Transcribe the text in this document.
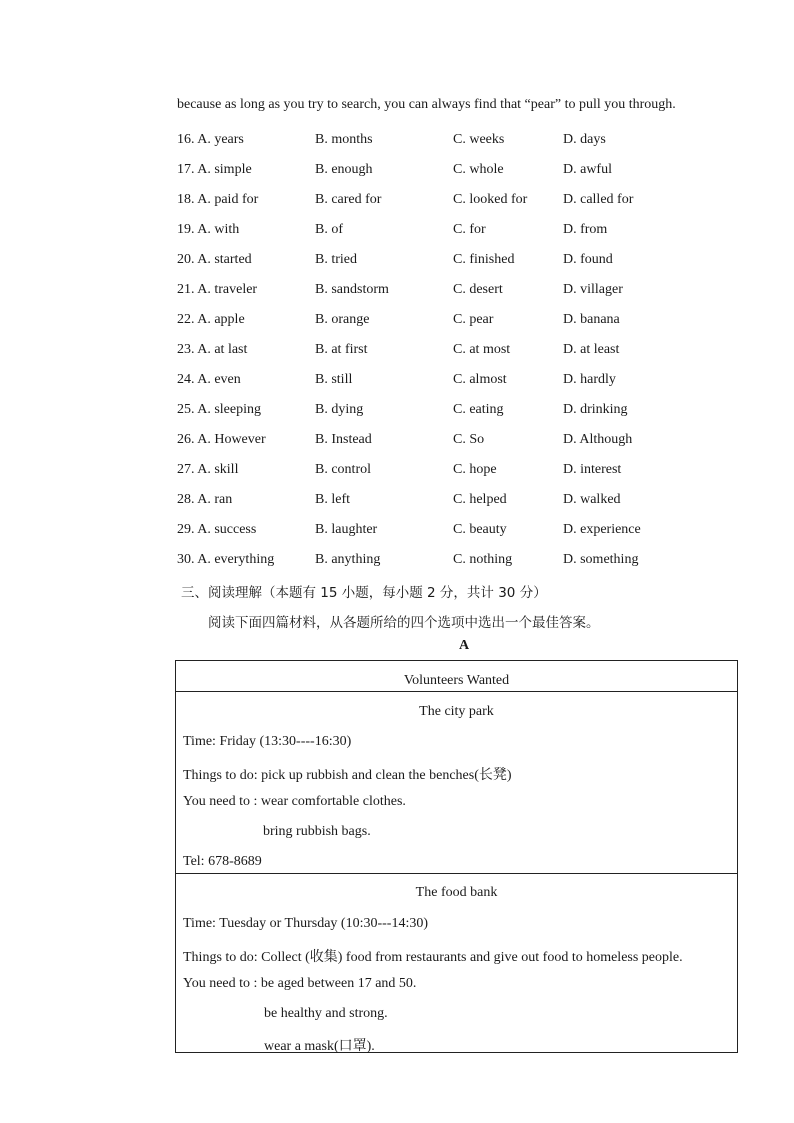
because as long as you try to search, you can always find that “pear” to pull you through.
16. A. years	B. months	C. weeks	D. days
17. A. simple	B. enough	C. whole	D. awful
18. A. paid for	B. cared for	C. looked for	D. called for
19. A. with	B. of	C. for	D. from
20. A. started	B. tried	C. finished	D. found
21. A. traveler	B. sandstorm	C. desert	D. villager
22. A. apple	B. orange	C. pear	D. banana
23. A. at last	B. at first	C. at most	D. at least
24. A. even	B. still	C. almost	D. hardly
25. A. sleeping	B. dying	C. eating	D. drinking
26. A. However	B. Instead	C. So	D. Although
27. A. skill	B. control	C. hope	D. interest
28. A. ran	B. left	C. helped	D. walked
29. A. success	B. laughter	C. beauty	D. experience
30. A. everything	B. anything	C. nothing	D. something
三、阅读理解（本题有 15 小题，每小题 2 分，共计 30 分）
阅读下面四篇材料，从各题所给的四个选项中选出一个最佳答案。
A
Volunteers Wanted
The city park
Time: Friday (13:30----16:30)
Things to do: pick up rubbish and clean the benches(长凳)
You need to : wear comfortable clothes.
bring rubbish bags.
Tel: 678-8689
The food bank
Time: Tuesday or Thursday (10:30---14:30)
Things to do: Collect (收集) food from restaurants and give out food to homeless people.
You need to : be aged between 17 and 50.
be healthy and strong.
wear a mask(口罩).
